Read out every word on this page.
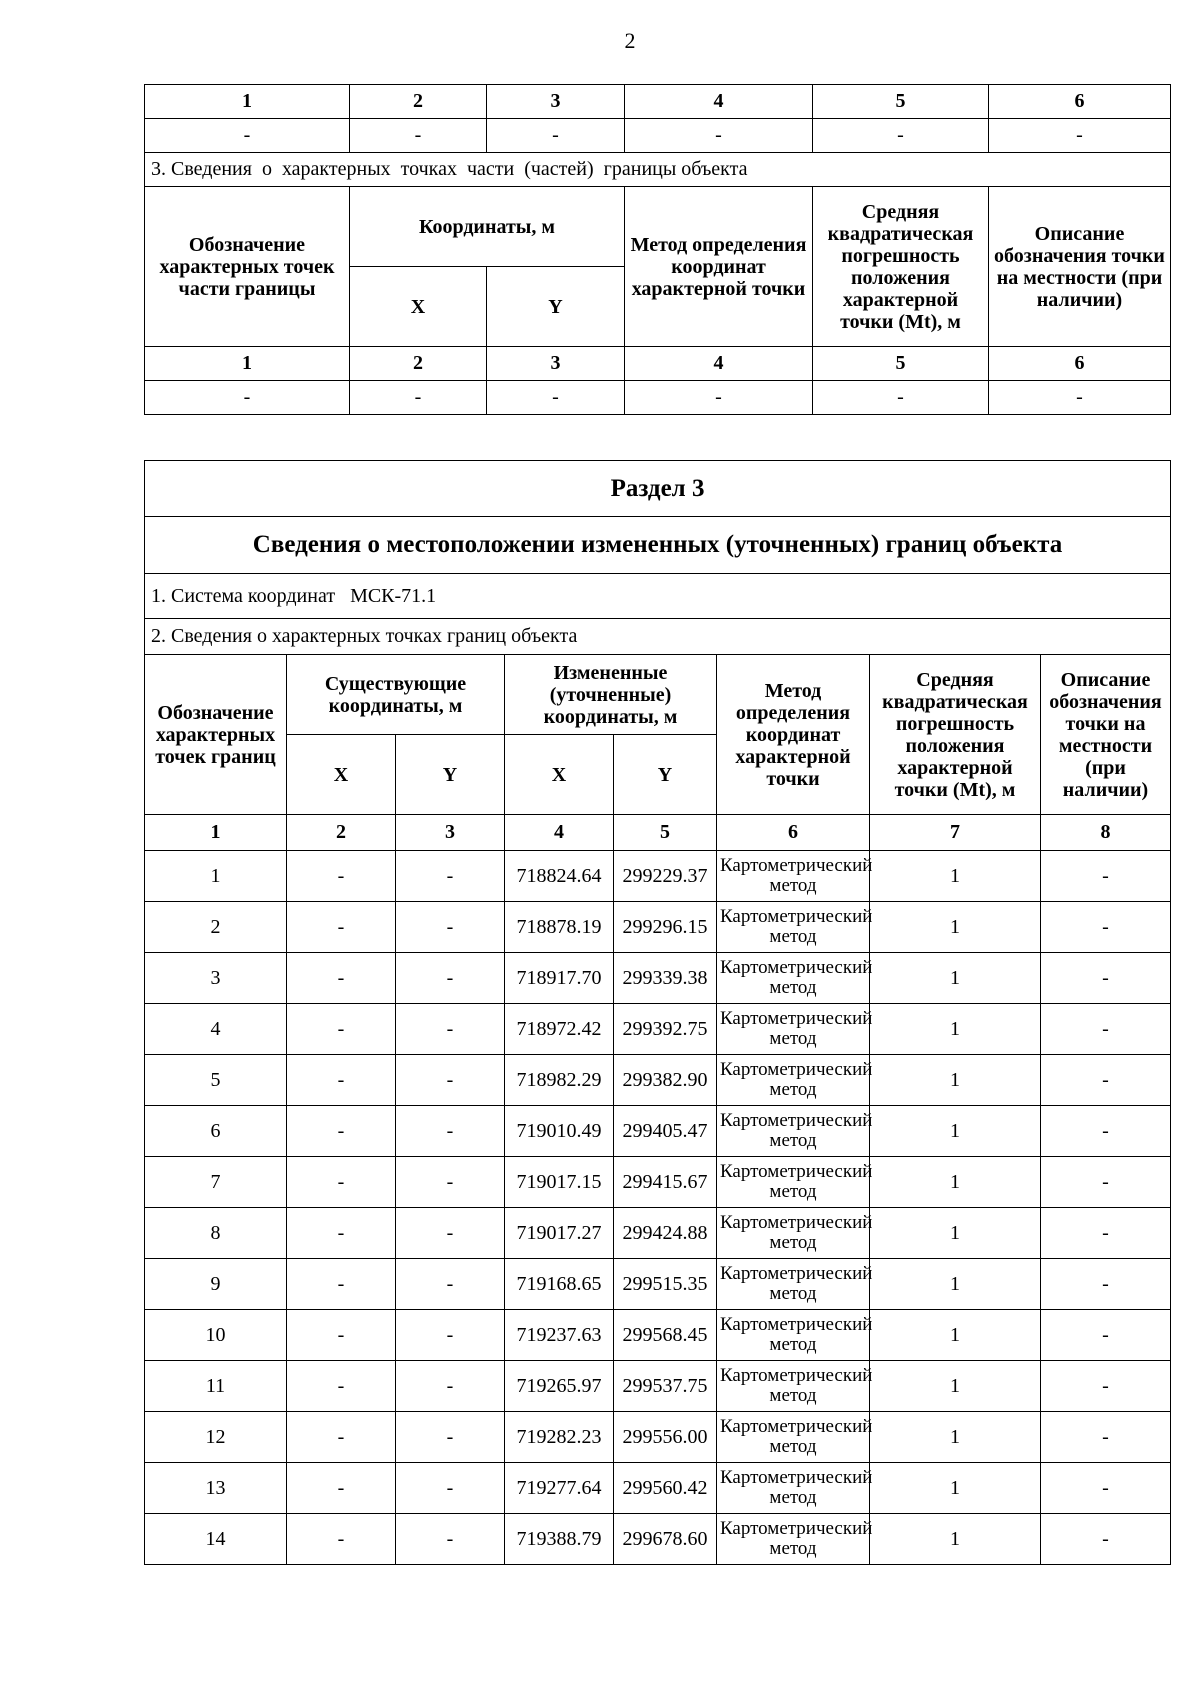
2
1	2	3	4	5	6
-	-	-	-	-	-
3. Сведения  о  характерных  точках  части  (частей)  границы объекта					
Обозначение характерных точек части границы	Координаты, м		Метод определения координат характерной точки	Средняя квадратическая погрешность положения характерной точки (Mt), м	Описание обозначения точки на местности (при наличии)
	X	Y			
1	2	3	4	5	6
-	-	-	-	-	-
Раздел 3							
Сведения о местоположении измененных (уточненных) границ объекта							
1. Система координат МСК-71.1							
2. Сведения о характерных точках границ объекта							
Обозначение характерных точек границ	Существующие координаты, м		Измененные (уточненные) координаты, м		Метод определения координат характерной точки	Средняя квадратическая погрешность положения характерной точки (Mt), м	Описание обозначения точки на местности (при наличии)
	X	Y	X	Y			
1	2	3	4	5	6	7	8
1	-	-	718824.64	299229.37	Картометрический метод	1	-
2	-	-	718878.19	299296.15	Картометрический метод	1	-
3	-	-	718917.70	299339.38	Картометрический метод	1	-
4	-	-	718972.42	299392.75	Картометрический метод	1	-
5	-	-	718982.29	299382.90	Картометрический метод	1	-
6	-	-	719010.49	299405.47	Картометрический метод	1	-
7	-	-	719017.15	299415.67	Картометрический метод	1	-
8	-	-	719017.27	299424.88	Картометрический метод	1	-
9	-	-	719168.65	299515.35	Картометрический метод	1	-
10	-	-	719237.63	299568.45	Картометрический метод	1	-
11	-	-	719265.97	299537.75	Картометрический метод	1	-
12	-	-	719282.23	299556.00	Картометрический метод	1	-
13	-	-	719277.64	299560.42	Картометрический метод	1	-
14	-	-	719388.79	299678.60	Картометрический метод	1	-
